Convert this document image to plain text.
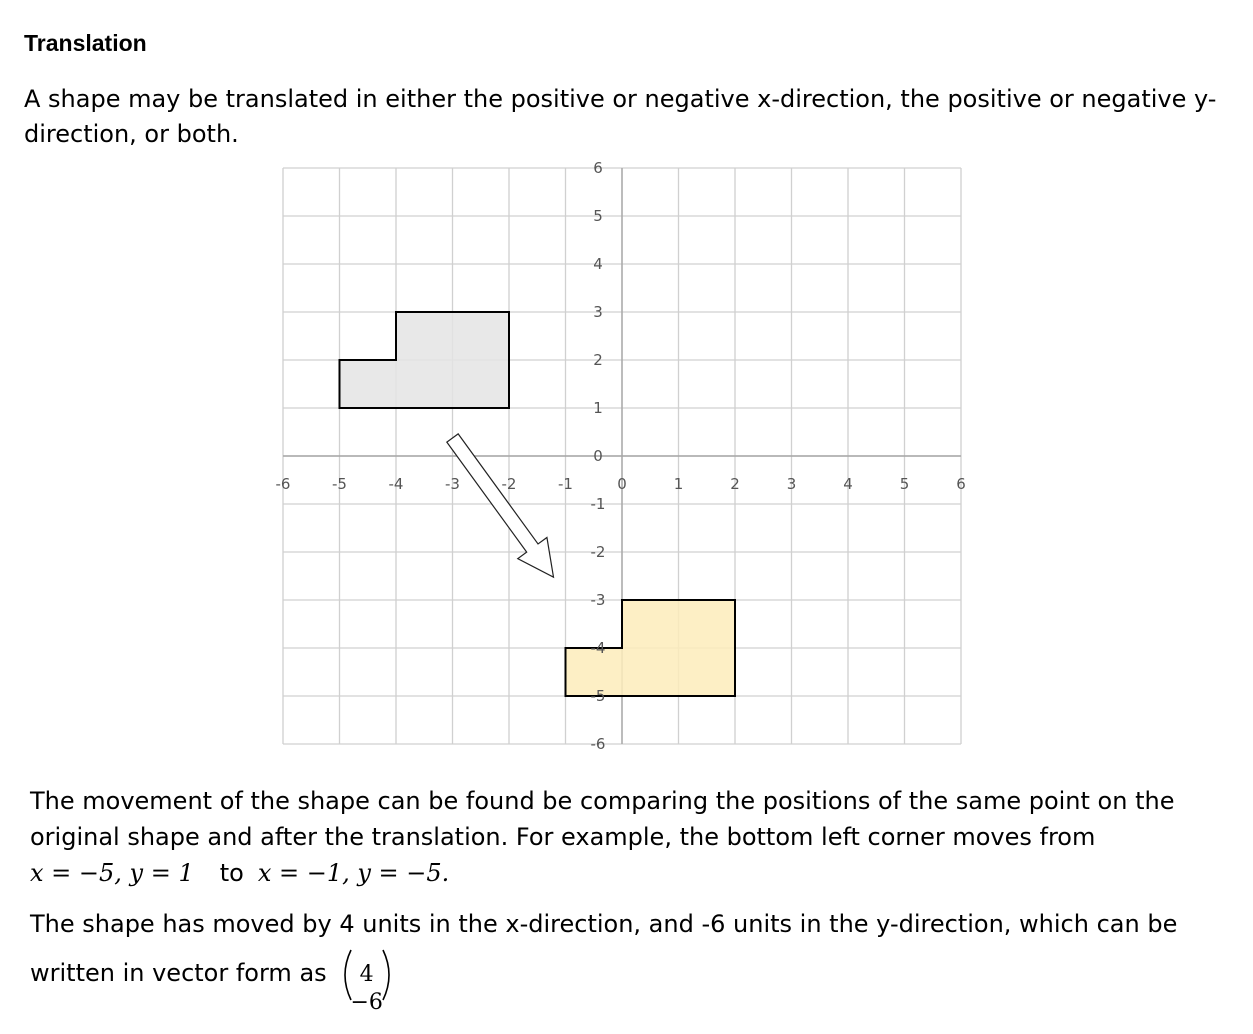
Translation
A shape may be translated in either the positive or negative x-direction, the positive or negative y-direction, or both.
-6	-5	-4	-3	-2	-1	0	1	2	3	4	5	6
6
5
4
3
2
1
0
-1
-2
-3
-4
-5
-6
The movement of the shape can be found be comparing the positions of the same point on the
original shape and after the translation. For example, the bottom left corner moves from
x = −5, y = 1 to x = −1, y = −5.
The shape has moved by 4 units in the x-direction, and -6 units in the y-direction, which can be
written in vector form as	4
−6
